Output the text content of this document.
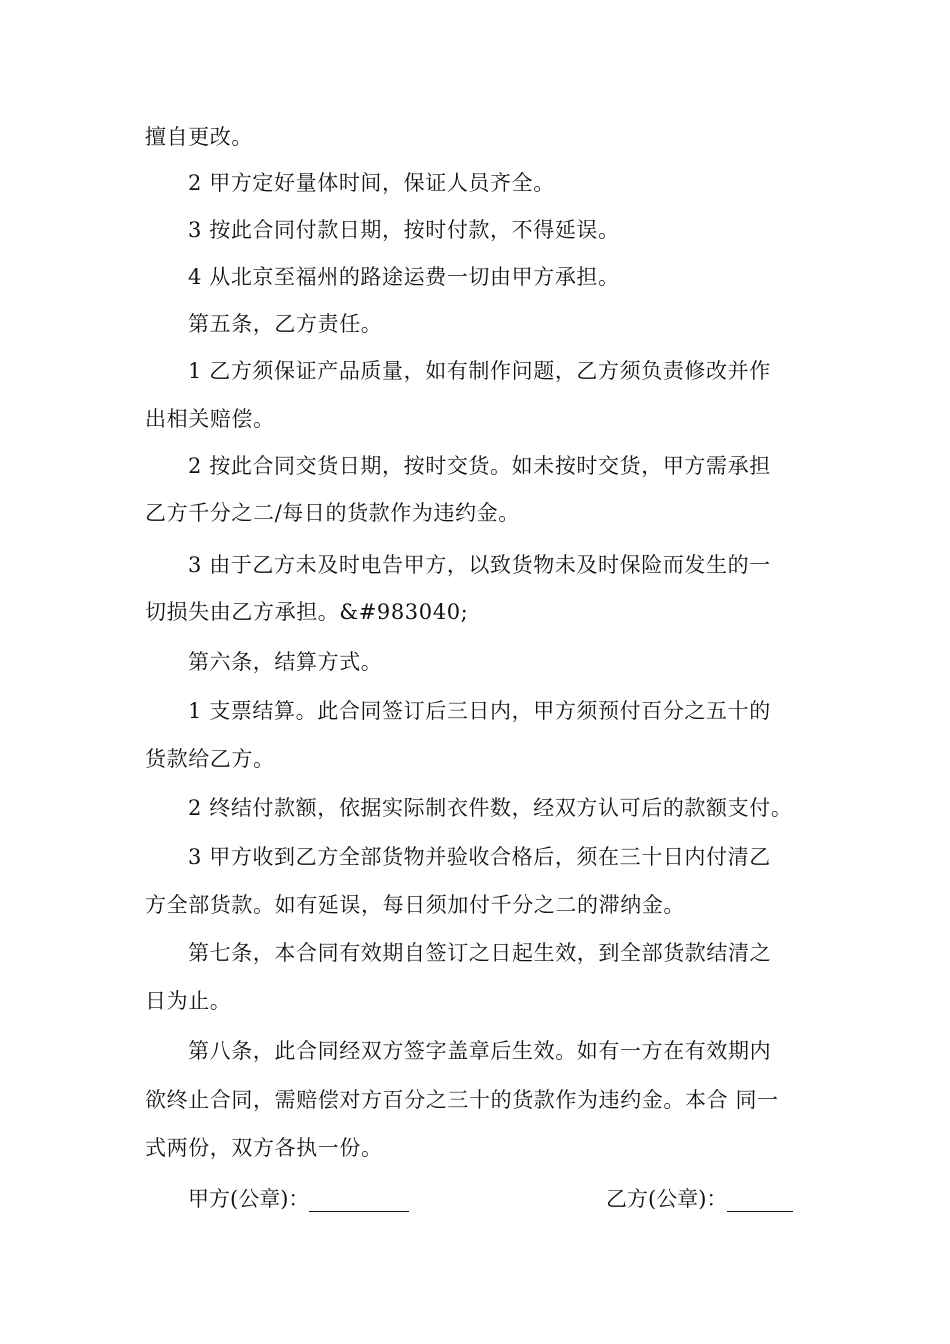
擅自更改。
2 甲方定好量体时间，保证人员齐全。
3 按此合同付款日期，按时付款，不得延误。
4 从北京至福州的路途运费一切由甲方承担。
第五条，乙方责任。
1 乙方须保证产品质量，如有制作问题，乙方须负责修改并作
出相关赔偿。
2 按此合同交货日期，按时交货。如未按时交货，甲方需承担
乙方千分之二/每日的货款作为违约金。
3 由于乙方未及时电告甲方，以致货物未及时保险而发生的一
切损失由乙方承担。&#983040;
第六条，结算方式。
1 支票结算。此合同签订后三日内，甲方须预付百分之五十的
货款给乙方。
2 终结付款额，依据实际制衣件数，经双方认可后的款额支付。
3 甲方收到乙方全部货物并验收合格后，须在三十日内付清乙
方全部货款。如有延误，每日须加付千分之二的滞纳金。
第七条，本合同有效期自签订之日起生效，到全部货款结清之
日为止。
第八条，此合同经双方签字盖章后生效。如有一方在有效期内
欲终止合同，需赔偿对方百分之三十的货款作为违约金。本合 同一
式两份，双方各执一份。
甲方(公章)：	乙方(公章)：
